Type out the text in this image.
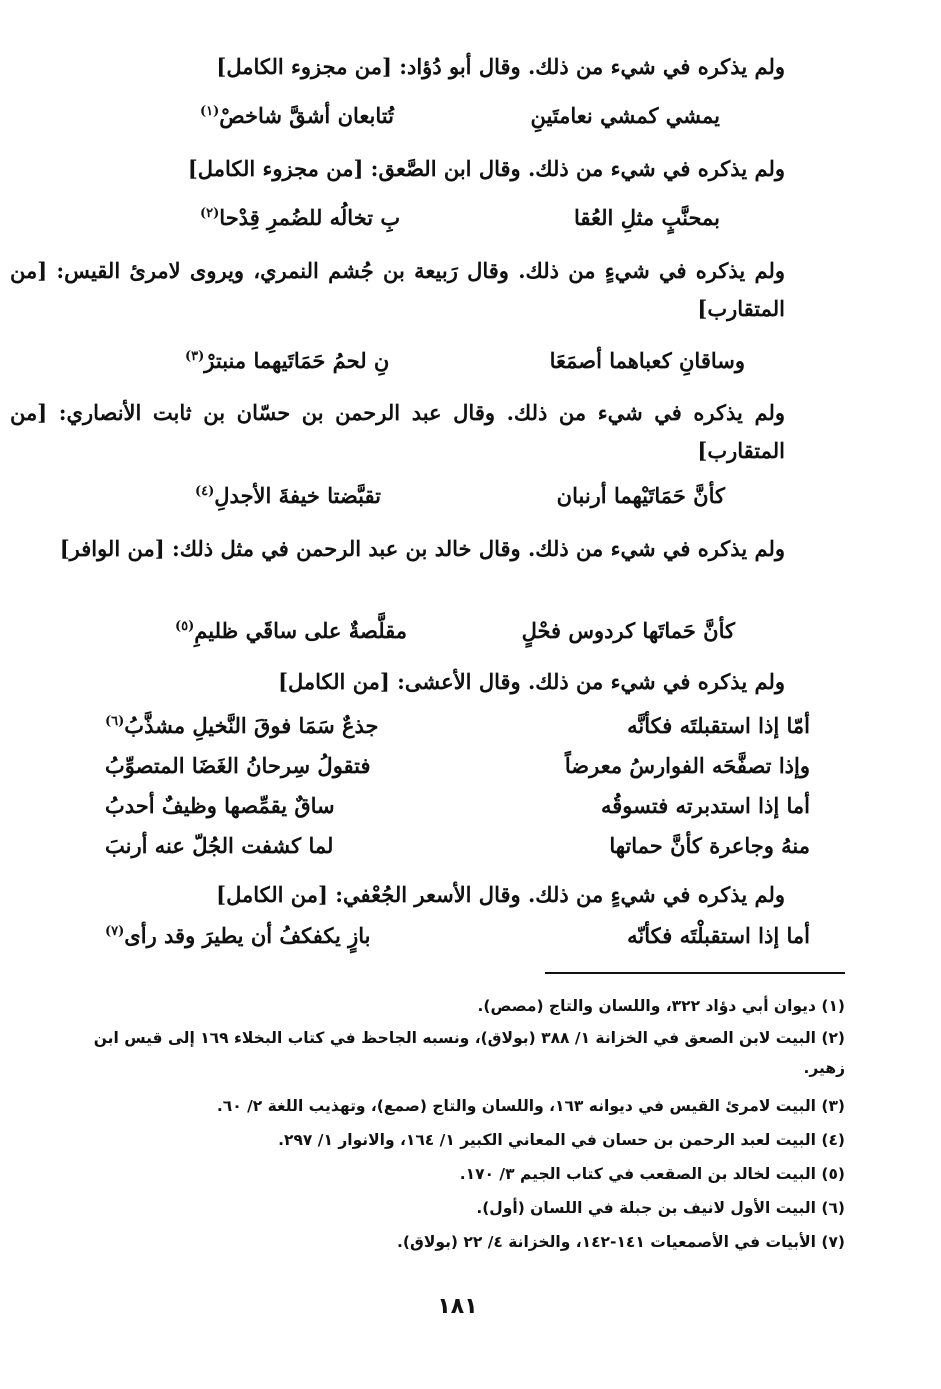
ولم يذكره في شيء من ذلك. وقال أبو دُؤاد: [من مجزوء الكامل]
يمشي كمشي نعامتَينِ
تُتابعان أشقَّ شاخصْ$^{(١)}$
ولم يذكره في شيء من ذلك. وقال ابن الصَّعق: [من مجزوء الكامل]
بمحنَّبٍ مثلِ العُقا
بِ تخالُه للضُمرِ قِدْحا$^{(٢)}$
ولم يذكره في شيءٍ من ذلك. وقال رَبيعة بن جُشم النمري، ويروى لامرئ القيس: [من المتقارب]
وساقانِ كعباهما أصمَعَا
نِ لحمُ حَمَاتَيهما منبترْ$^{(٣)}$
ولم يذكره في شيء من ذلك. وقال عبد الرحمن بن حسّان بن ثابت الأنصاري: [من المتقارب]
كأنَّ حَمَاتَيْهما أرنبان
تقبَّضتا خيفةَ الأجدلِ$^{(٤)}$
ولم يذكره في شيء من ذلك. وقال خالد بن عبد الرحمن في مثل ذلك: [من الوافر]
كأنَّ حَماتَها كردوس فحْلٍ
مقلَّصةٌ على ساقَي ظليمِ$^{(٥)}$
ولم يذكره في شيء من ذلك. وقال الأعشى: [من الكامل]
أمّا إذا استقبلتَه فكأنَّه
جذعٌ سَمَا فوقَ النَّخيلِ مشذَّبُ$^{(٦)}$
وإذا تصفَّحَه الفوارسُ معرضاً
فتقولُ سِرحانُ الغَضَا المتصوِّبُ
أما إذا استدبرته فتسوقُه
ساقٌ يقمِّصها وظيفٌ أحدبُ
منهُ وجاعرة كأنَّ حماتها
لما كشفت الجُلّ عنه أرنبَ
ولم يذكره في شيءٍ من ذلك. وقال الأسعر الجُعْفي: [من الكامل]
أما إذا استقبلْتَه فكأنّه
بازٍ يكفكفُ أن يطيرَ وقد رأى$^{(٧)}$
(١) ديوان أبي دؤاد ٣٢٢، واللسان والتاج (مصص).
(٢) البيت لابن الصعق في الخزانة ١/ ٣٨٨ (بولاق)، ونسبه الجاحظ في كتاب البخلاء ١٦٩ إلى قيس ابن زهير.
(٣) البيت لامرئ القيس في ديوانه ١٦٣، واللسان والتاج (صمع)، وتهذيب اللغة ٢/ ٦٠.
(٤) البيت لعبد الرحمن بن حسان في المعاني الكبير ١/ ١٦٤، والانوار ١/ ٢٩٧.
(٥) البيت لخالد بن الصقعب في كتاب الجيم ٣/ ١٧٠.
(٦) البيت الأول لانيف بن جبلة في اللسان (أول).
(٧) الأبيات في الأصمعيات ١٤١-١٤٢، والخزانة ٤/ ٢٢ (بولاق).
١٨١
